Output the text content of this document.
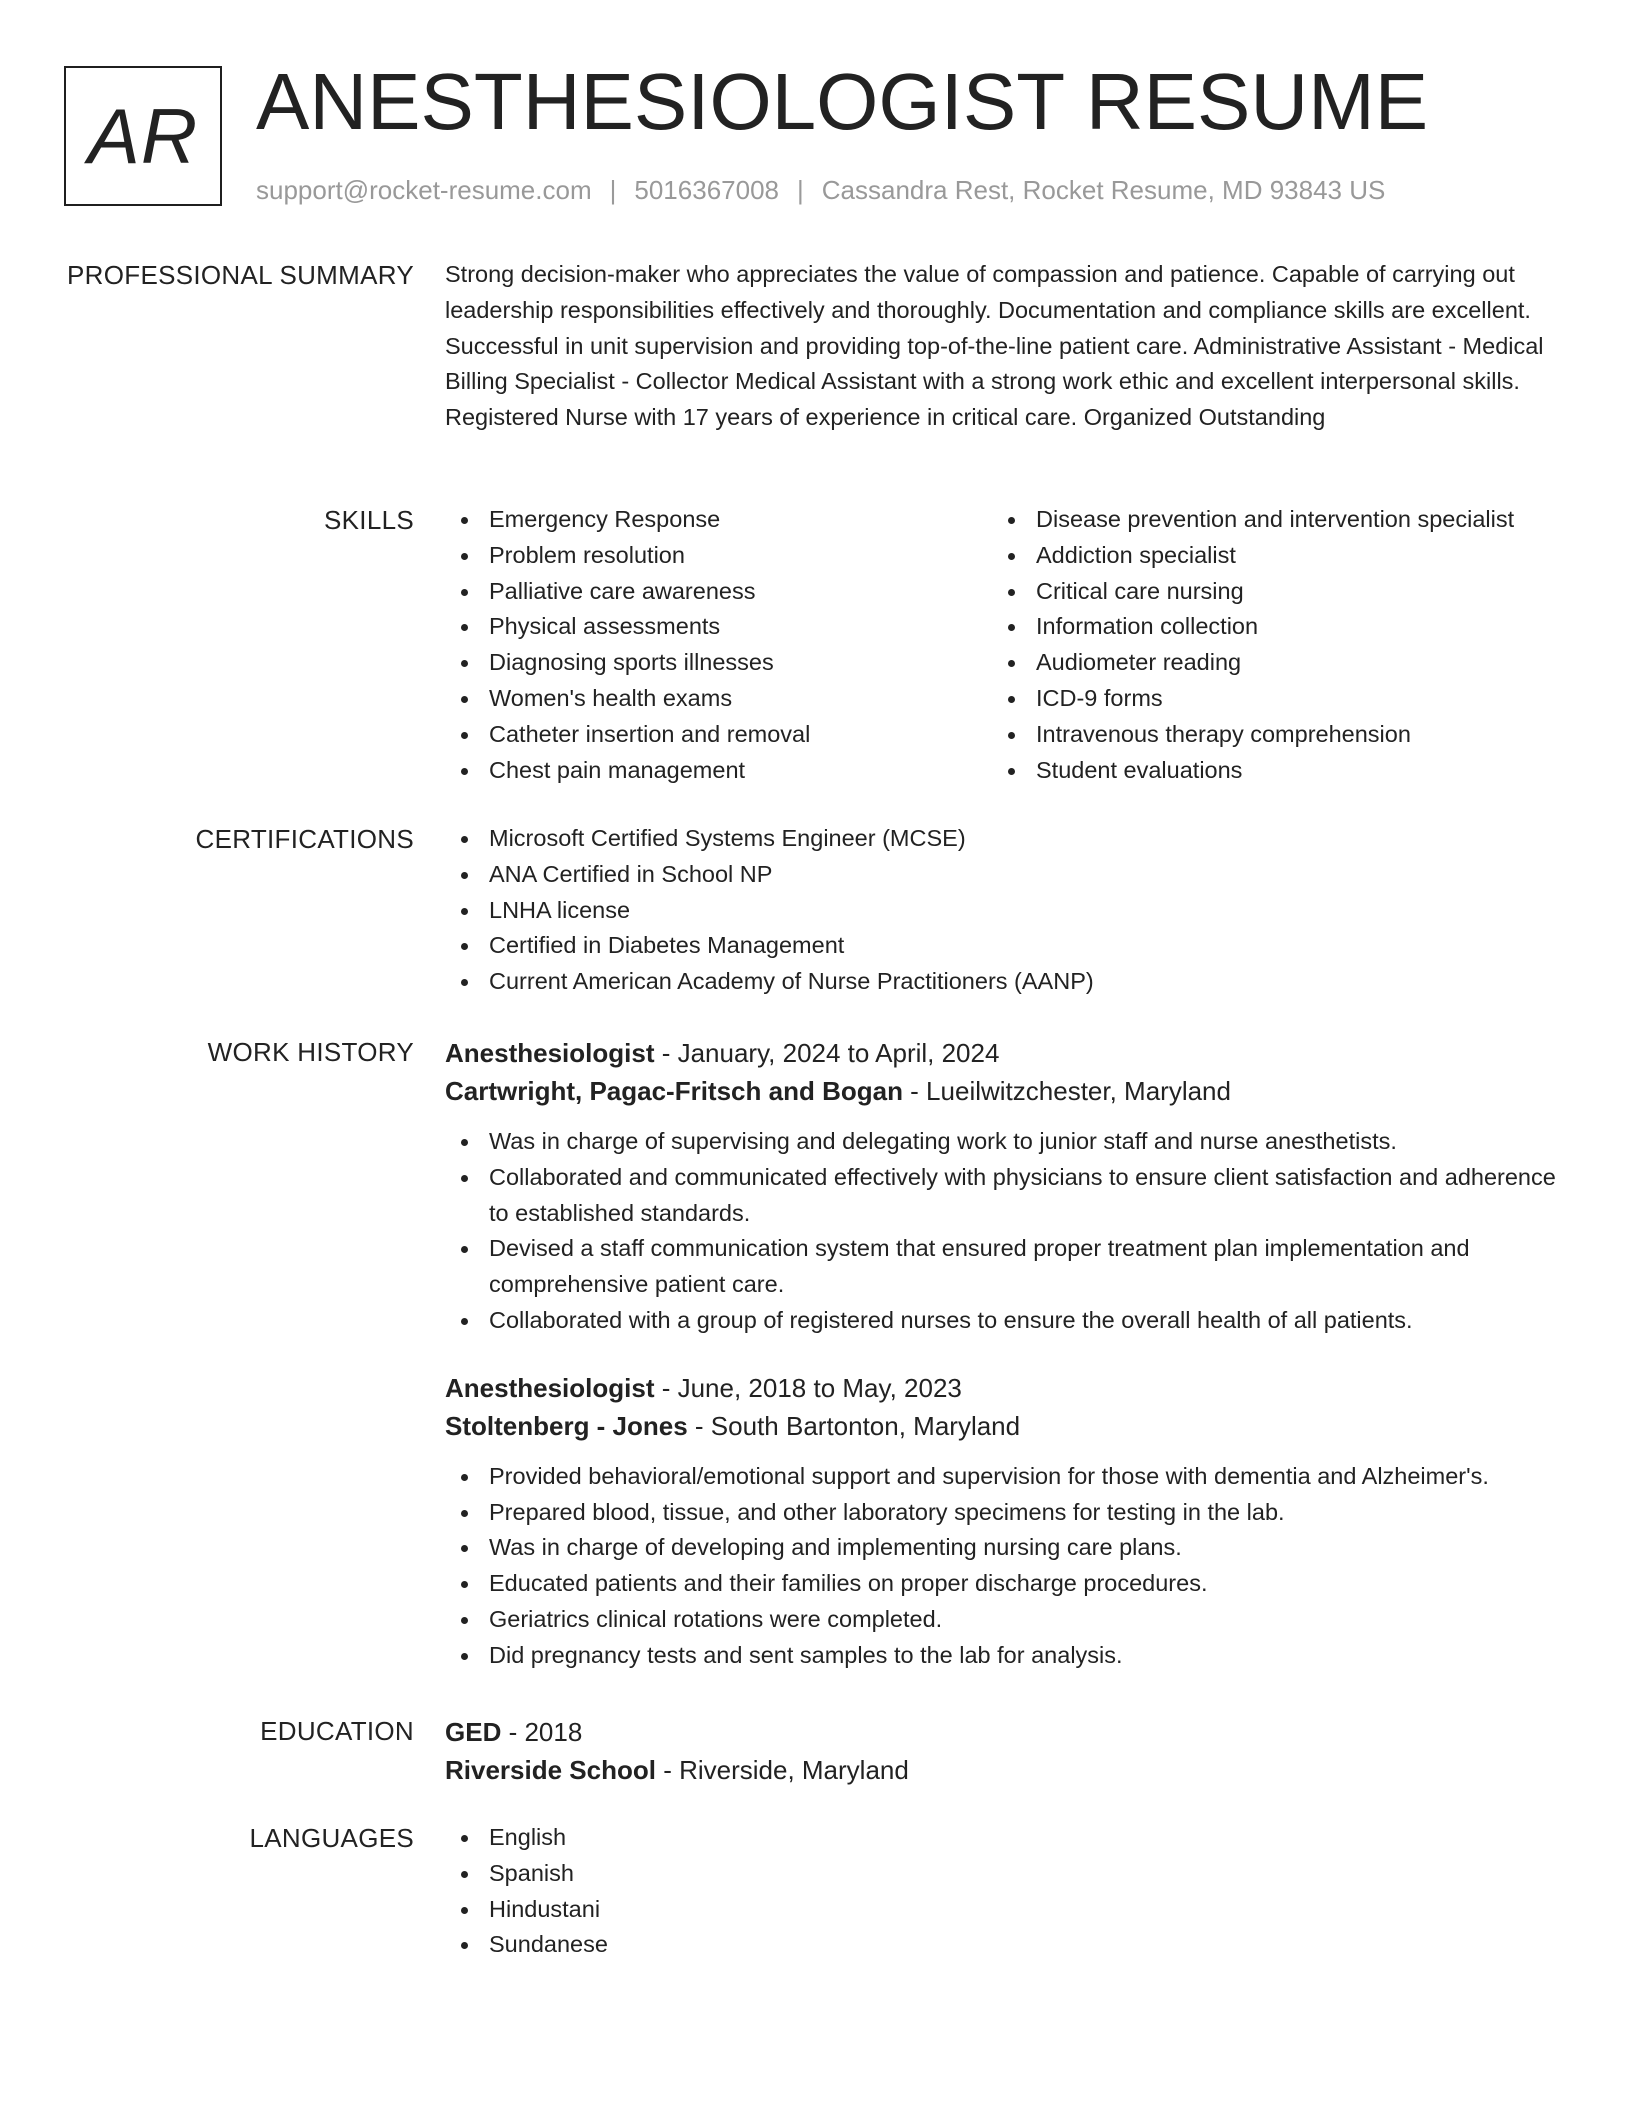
AR ANESTHESIOLOGIST RESUME
support@rocket-resume.com | 5016367008 | Cassandra Rest, Rocket Resume, MD 93843 US
PROFESSIONAL SUMMARY Strong decision-maker who appreciates the value of compassion and patience. Capable of carrying out leadership responsibilities effectively and thoroughly. Documentation and compliance skills are excellent. Successful in unit supervision and providing top-of-the-line patient care. Administrative Assistant - Medical Billing Specialist - Collector Medical Assistant with a strong work ethic and excellent interpersonal skills. Registered Nurse with 17 years of experience in critical care. Organized Outstanding

SKILLS	Emergency Response
Problem resolution
Palliative care awareness
Physical assessments
Diagnosing sports illnesses
Women's health exams
Catheter insertion and removal
Chest pain management
Disease prevention and intervention specialist
Addiction specialist
Critical care nursing
Information collection
Audiometer reading
ICD-9 forms
Intravenous therapy comprehension
Student evaluations
CERTIFICATIONS	Microsoft Certified Systems Engineer (MCSE)
ANA Certified in School NP
LNHA license
Certified in Diabetes Management
Current American Academy of Nurse Practitioners (AANP)
WORK HISTORY Anesthesiologist - January, 2024 to April, 2024
Cartwright, Pagac-Fritsch and Bogan - Lueilwitzchester, Maryland
Was in charge of supervising and delegating work to junior staff and nurse anesthetists.
Collaborated and communicated effectively with physicians to ensure client satisfaction and adherence to established standards.
Devised a staff communication system that ensured proper treatment plan implementation and comprehensive patient care.
Collaborated with a group of registered nurses to ensure the overall health of all patients.
Anesthesiologist - June, 2018 to May, 2023
Stoltenberg - Jones - South Bartonton, Maryland
Provided behavioral/emotional support and supervision for those with dementia and Alzheimer's.
Prepared blood, tissue, and other laboratory specimens for testing in the lab.
Was in charge of developing and implementing nursing care plans.
Educated patients and their families on proper discharge procedures.
Geriatrics clinical rotations were completed.
Did pregnancy tests and sent samples to the lab for analysis.
EDUCATION GED - 2018
Riverside School - Riverside, Maryland
LANGUAGES	English
Spanish
Hindustani
Sundanese
